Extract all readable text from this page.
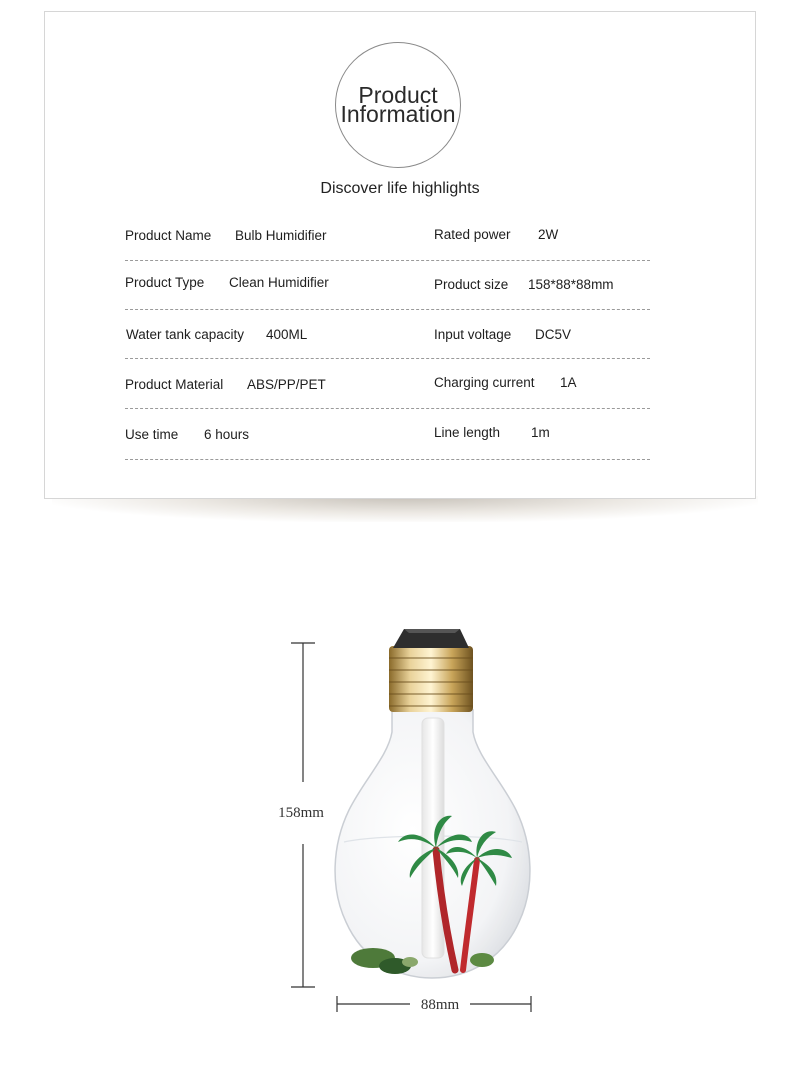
Product
Information
Discover life highlights
Product Name Bulb Humidifier	Rated power 2W
Product Type Clean Humidifier	Product size 158*88*88mm
Water tank capacity 400ML	Input voltage DC5V
Product Material ABS/PP/PET	Charging current 1A
Use time 6 hours	Line length 1m
158mm
88mm
